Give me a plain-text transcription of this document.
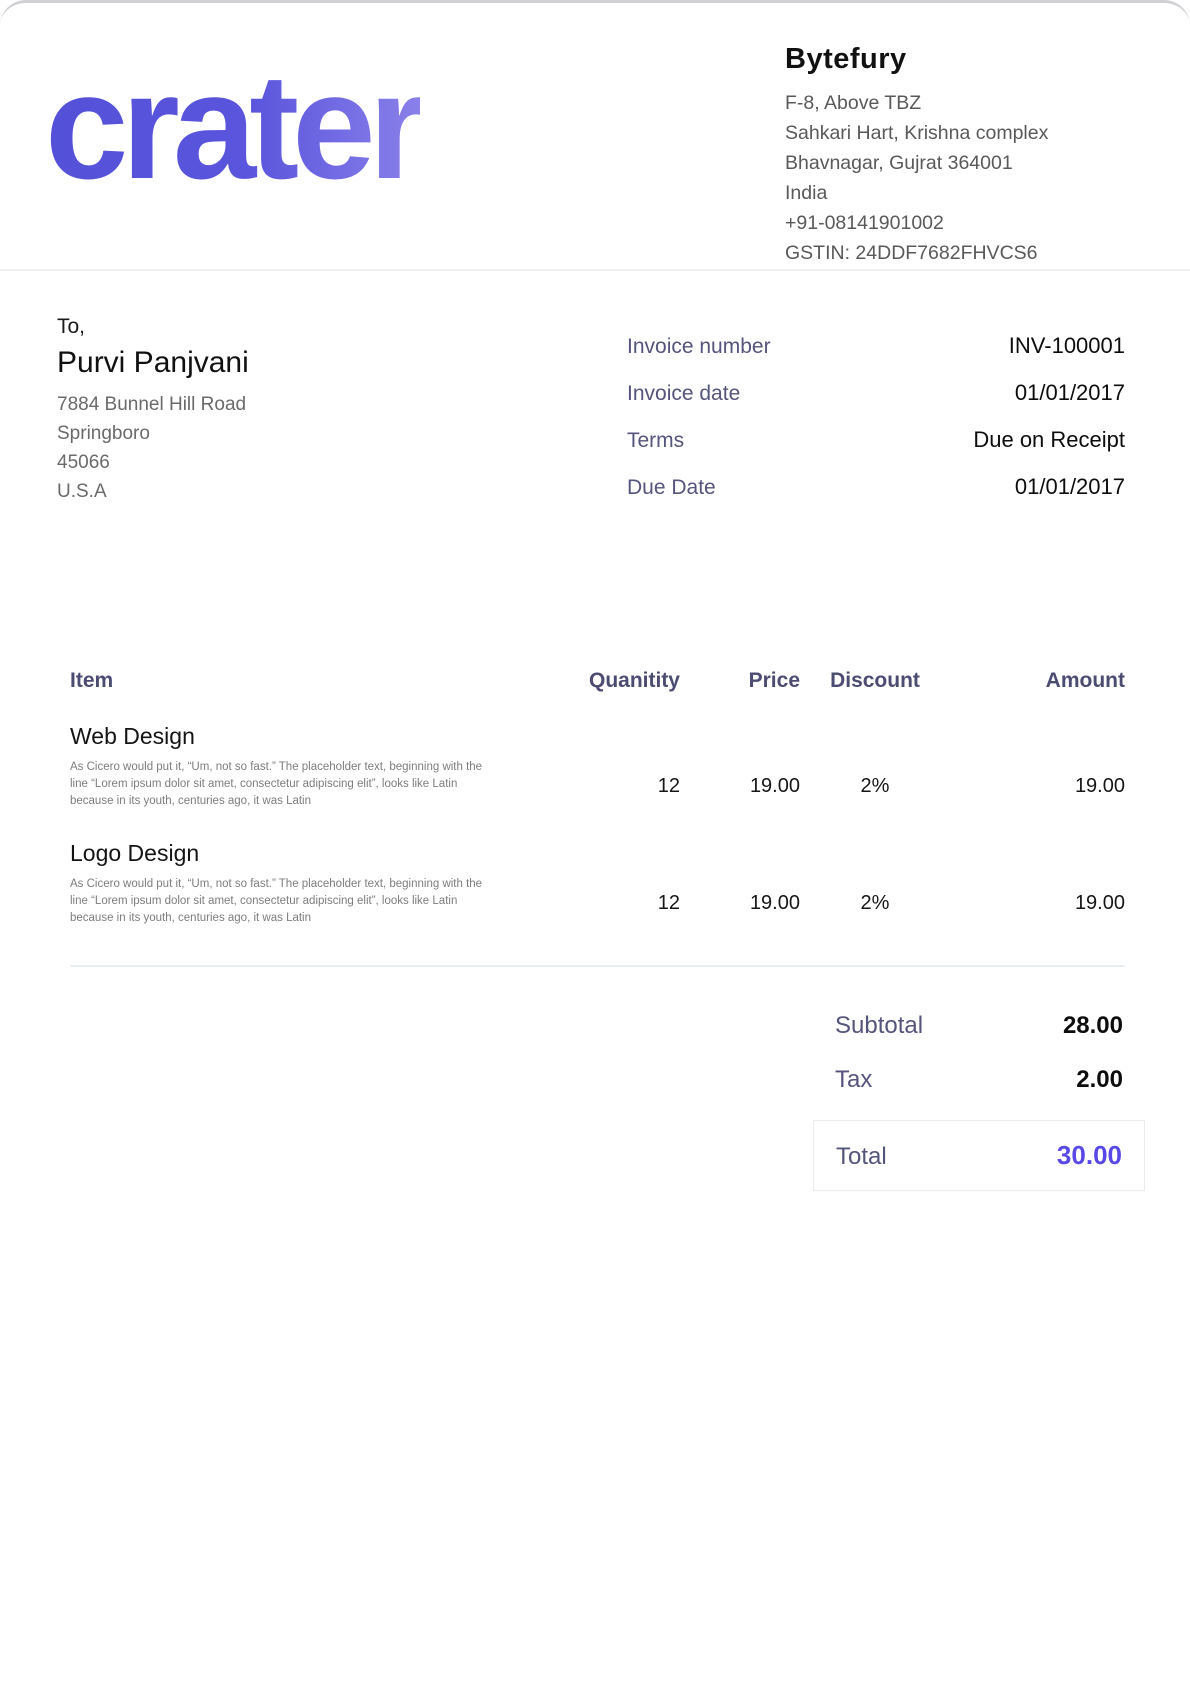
crater	Bytefury
F-8, Above TBZ
Sahkari Hart, Krishna complex
Bhavnagar, Gujrat 364001
India
+91-08141901002
GSTIN: 24DDF7682FHVCS6
To,
Purvi Panjvani
7884 Bunnel Hill Road
Springboro
45066
U.S.A
Invoice number	INV-100001
Invoice date	01/01/2017
Terms	Due on Receipt
Due Date	01/01/2017
Item	Quanitity	Price	Discount	Amount
Web Design
As Cicero would put it, “Um, not so fast.” The placeholder text, beginning with the line “Lorem ipsum dolor sit amet, consectetur adipiscing elit”, looks like Latin because in its youth, centuries ago, it was Latin
12	19.00	2%	19.00
Logo Design
As Cicero would put it, “Um, not so fast.” The placeholder text, beginning with the line “Lorem ipsum dolor sit amet, consectetur adipiscing elit”, looks like Latin because in its youth, centuries ago, it was Latin
12	19.00	2%	19.00
Subtotal	28.00
Tax	2.00
Total	30.00
